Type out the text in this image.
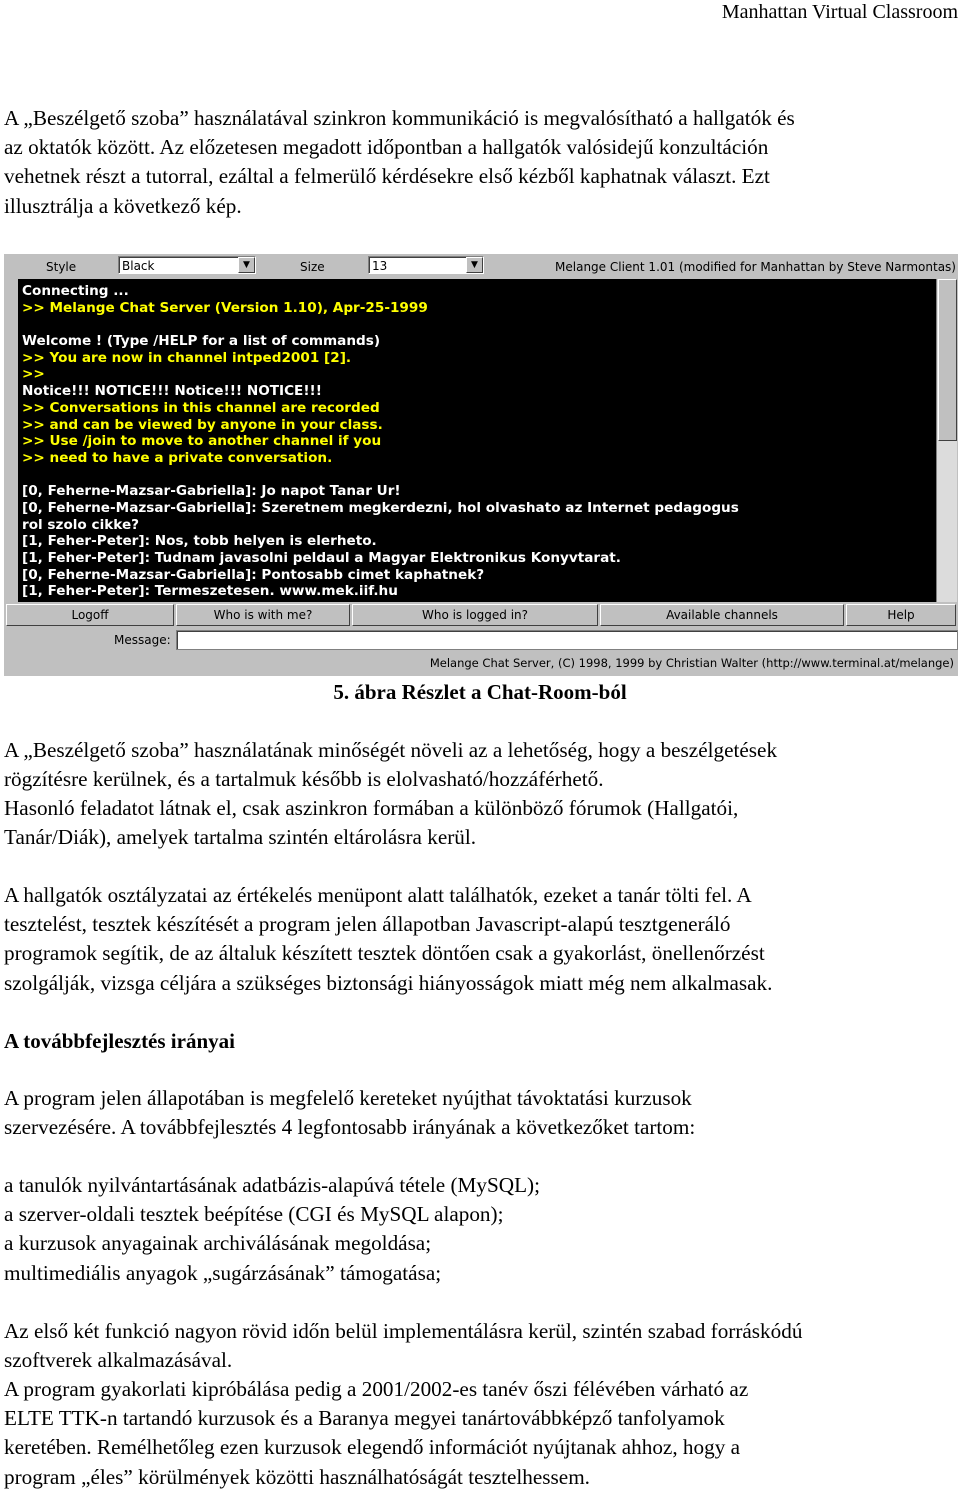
Manhattan Virtual Classroom
A „Beszélgető szoba” használatával szinkron kommunikáció is megvalósítható a hallgatók és
az oktatók között. Az előzetesen megadott időpontban a hallgatók valósidejű konzultáción
vehetnek részt a tutorral, ezáltal a felmerülő kérdésekre első kézből kaphatnak választ. Ezt
illusztrálja a következő kép.
Style	Black	▼	Size	13	▼	Melange Client 1.01 (modified for Manhattan by Steve Narmontas)
Connecting ...
>> Melange Chat Server (Version 1.10), Apr-25-1999
Welcome ! (Type /HELP for a list of commands)
>> You are now in channel intped2001 [2].
>>
Notice!!! NOTICE!!! Notice!!! NOTICE!!!
>> Conversations in this channel are recorded
>> and can be viewed by anyone in your class.
>> Use /join to move to another channel if you
>> need to have a private conversation.
[0, Feherne-Mazsar-Gabriella]: Jo napot Tanar Ur!
[0, Feherne-Mazsar-Gabriella]: Szeretnem megkerdezni, hol olvashato az Internet pedagogus
rol szolo cikke?
[1, Feher-Peter]: Nos, tobb helyen is elerheto.
[1, Feher-Peter]: Tudnam javasolni peldaul a Magyar Elektronikus Konyvtarat.
[0, Feherne-Mazsar-Gabriella]: Pontosabb cimet kaphatnek?
[1, Feher-Peter]: Termeszetesen. www.mek.iif.hu
Logoff	Who is with me?	Who is logged in?	Available channels	Help
Message:
Melange Chat Server, (C) 1998, 1999 by Christian Walter (http://www.terminal.at/melange)
5. ábra Részlet a Chat-Room-ból
A „Beszélgető szoba” használatának minőségét növeli az a lehetőség, hogy a beszélgetések
rögzítésre kerülnek, és a tartalmuk később is elolvasható/hozzáférhető.
Hasonló feladatot látnak el, csak aszinkron formában a különböző fórumok (Hallgatói,
Tanár/Diák), amelyek tartalma szintén eltárolásra kerül.
A hallgatók osztályzatai az értékelés menüpont alatt találhatók, ezeket a tanár tölti fel. A
tesztelést, tesztek készítését a program jelen állapotban Javascript-alapú tesztgeneráló
programok segítik, de az általuk készített tesztek döntően csak a gyakorlást, önellenőrzést
szolgálják, vizsga céljára a szükséges biztonsági hiányosságok miatt még nem alkalmasak.
A továbbfejlesztés irányai
A program jelen állapotában is megfelelő kereteket nyújthat távoktatási kurzusok
szervezésére. A továbbfejlesztés 4 legfontosabb irányának a következőket tartom:
a tanulók nyilvántartásának adatbázis-alapúvá tétele (MySQL);
a szerver-oldali tesztek beépítése (CGI és MySQL alapon);
a kurzusok anyagainak archiválásának megoldása;
multimediális anyagok „sugárzásának” támogatása;
Az első két funkció nagyon rövid időn belül implementálásra kerül, szintén szabad forráskódú
szoftverek alkalmazásával.
A program gyakorlati kipróbálása pedig a 2001/2002-es tanév őszi félévében várható az
ELTE TTK-n tartandó kurzusok és a Baranya megyei tanártovábbképző tanfolyamok
keretében. Remélhetőleg ezen kurzusok elegendő információt nyújtanak ahhoz, hogy a
program „éles” körülmények közötti használhatóságát tesztelhessem.
